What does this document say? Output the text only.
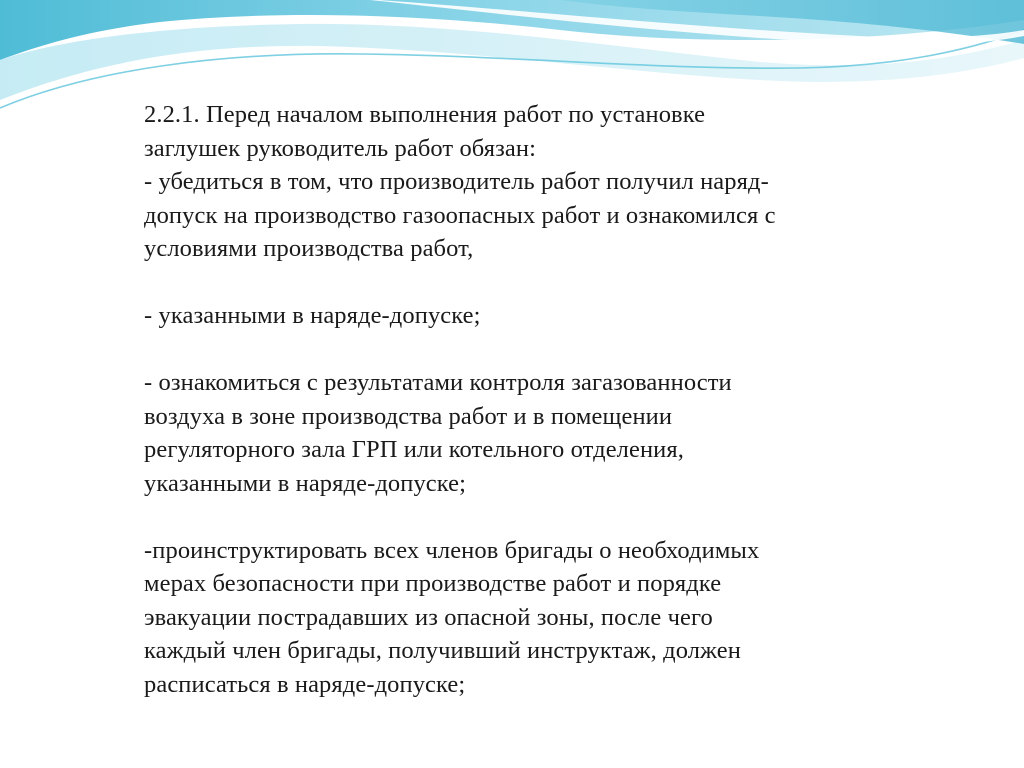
2.2.1. Перед началом выполнения работ по установке
заглушек руководитель работ обязан:

- убедиться в том, что производитель работ получил наряд-
допуск на производство газоопасных работ и ознакомился с
условиями производства работ,

- указанными в наряде-допуске;

- ознакомиться с результатами контроля загазованности
воздуха в зоне производства работ и в помещении
регуляторного зала ГРП или котельного отделения,
указанными в наряде-допуске;

-проинструктировать всех членов бригады о необходимых
мерах безопасности при производстве работ и порядке
эвакуации пострадавших из опасной зоны, после чего
каждый член бригады, получивший инструктаж, должен
расписаться в наряде-допуске;
